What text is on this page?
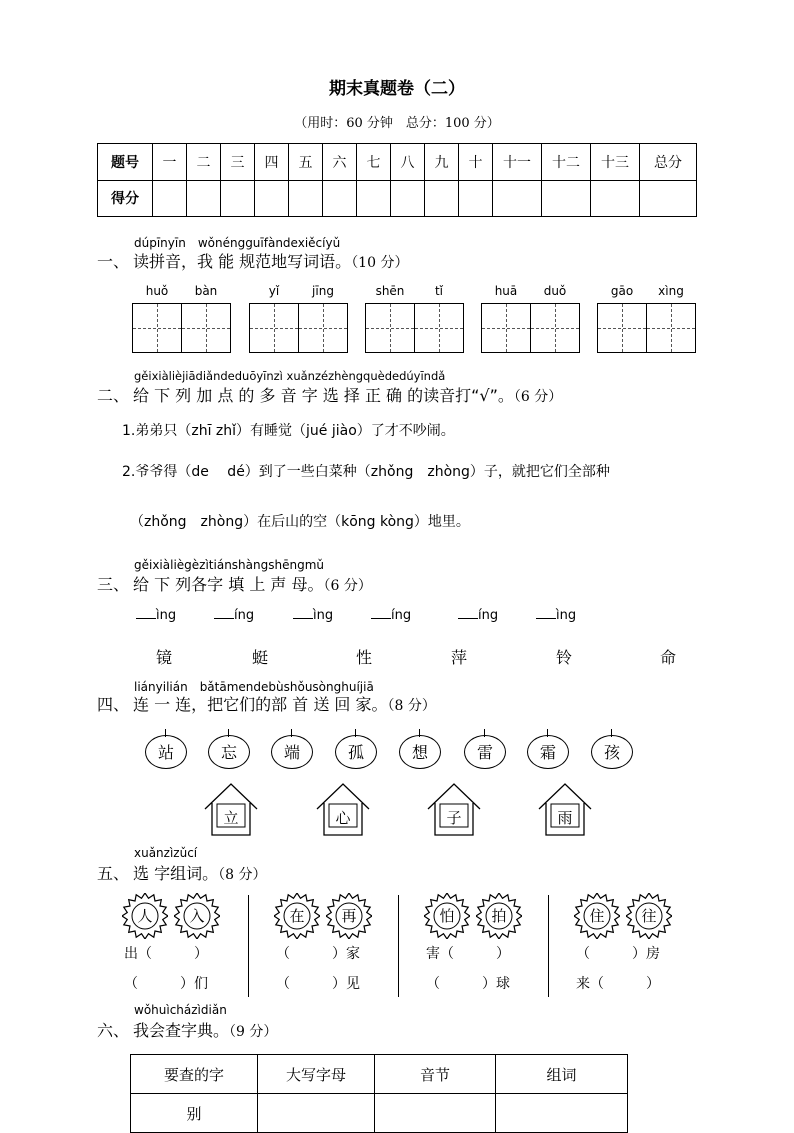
期末真题卷（二）
（用时：60 分钟　总分：100 分）
题号	一	二	三	四	五	六	七	八	九	十	十一	十二	十三	总分
得分														
dúpīnyīn　wǒnéngguīfàndexiěcíyǔ
一、 读拼音，我 能 规范地写词语。（10 分）
huǒ	bàn	yǐ	jīng	shēn	tǐ	huā	duǒ	gāo	xìng
gěixiàlièjiādiǎndeduōyīnzì xuǎnzézhèngquèdedúyīndǎ
二、 给 下 列 加 点 的 多 音 字 选 择 正 确 的读音打“√”。（6 分）
1.弟弟只（zhī zhǐ）有睡觉（jué jiào）了才不吵闹。
2.爷爷得（de　 dé）到了一些白菜种（zhǒng　zhòng）子，就把它们全部种
（zhǒng　zhòng）在后山的空（kōng kòng）地里。
gěixiàliègèzìtiánshàngshēngmǔ
三、 给 下 列各字 填 上 声 母。（6 分）
ìng	íng	ìng	íng	íng	ìng
镜	蜓	性	萍	铃	命
liányilián　bǎtāmendebùshǒusònghuíjiā
四、 连 一 连，把它们的部 首 送 回 家。（8 分）
站	忘	端	孤	想	雷	霜	孩
立	心	子	雨
xuǎnzìzǔcí
五、 选 字组词。（8 分）
人	入
出（　　　）
（　　　）们
在	再
（　　　）家
（　　　）见
怕	拍
害（　　　）
（　　　）球
住	往
（　　　）房
来（　　　）
wǒhuìcházìdiǎn
六、 我会查字典。（9 分）
要查的字	大写字母	音节	组词
别			
